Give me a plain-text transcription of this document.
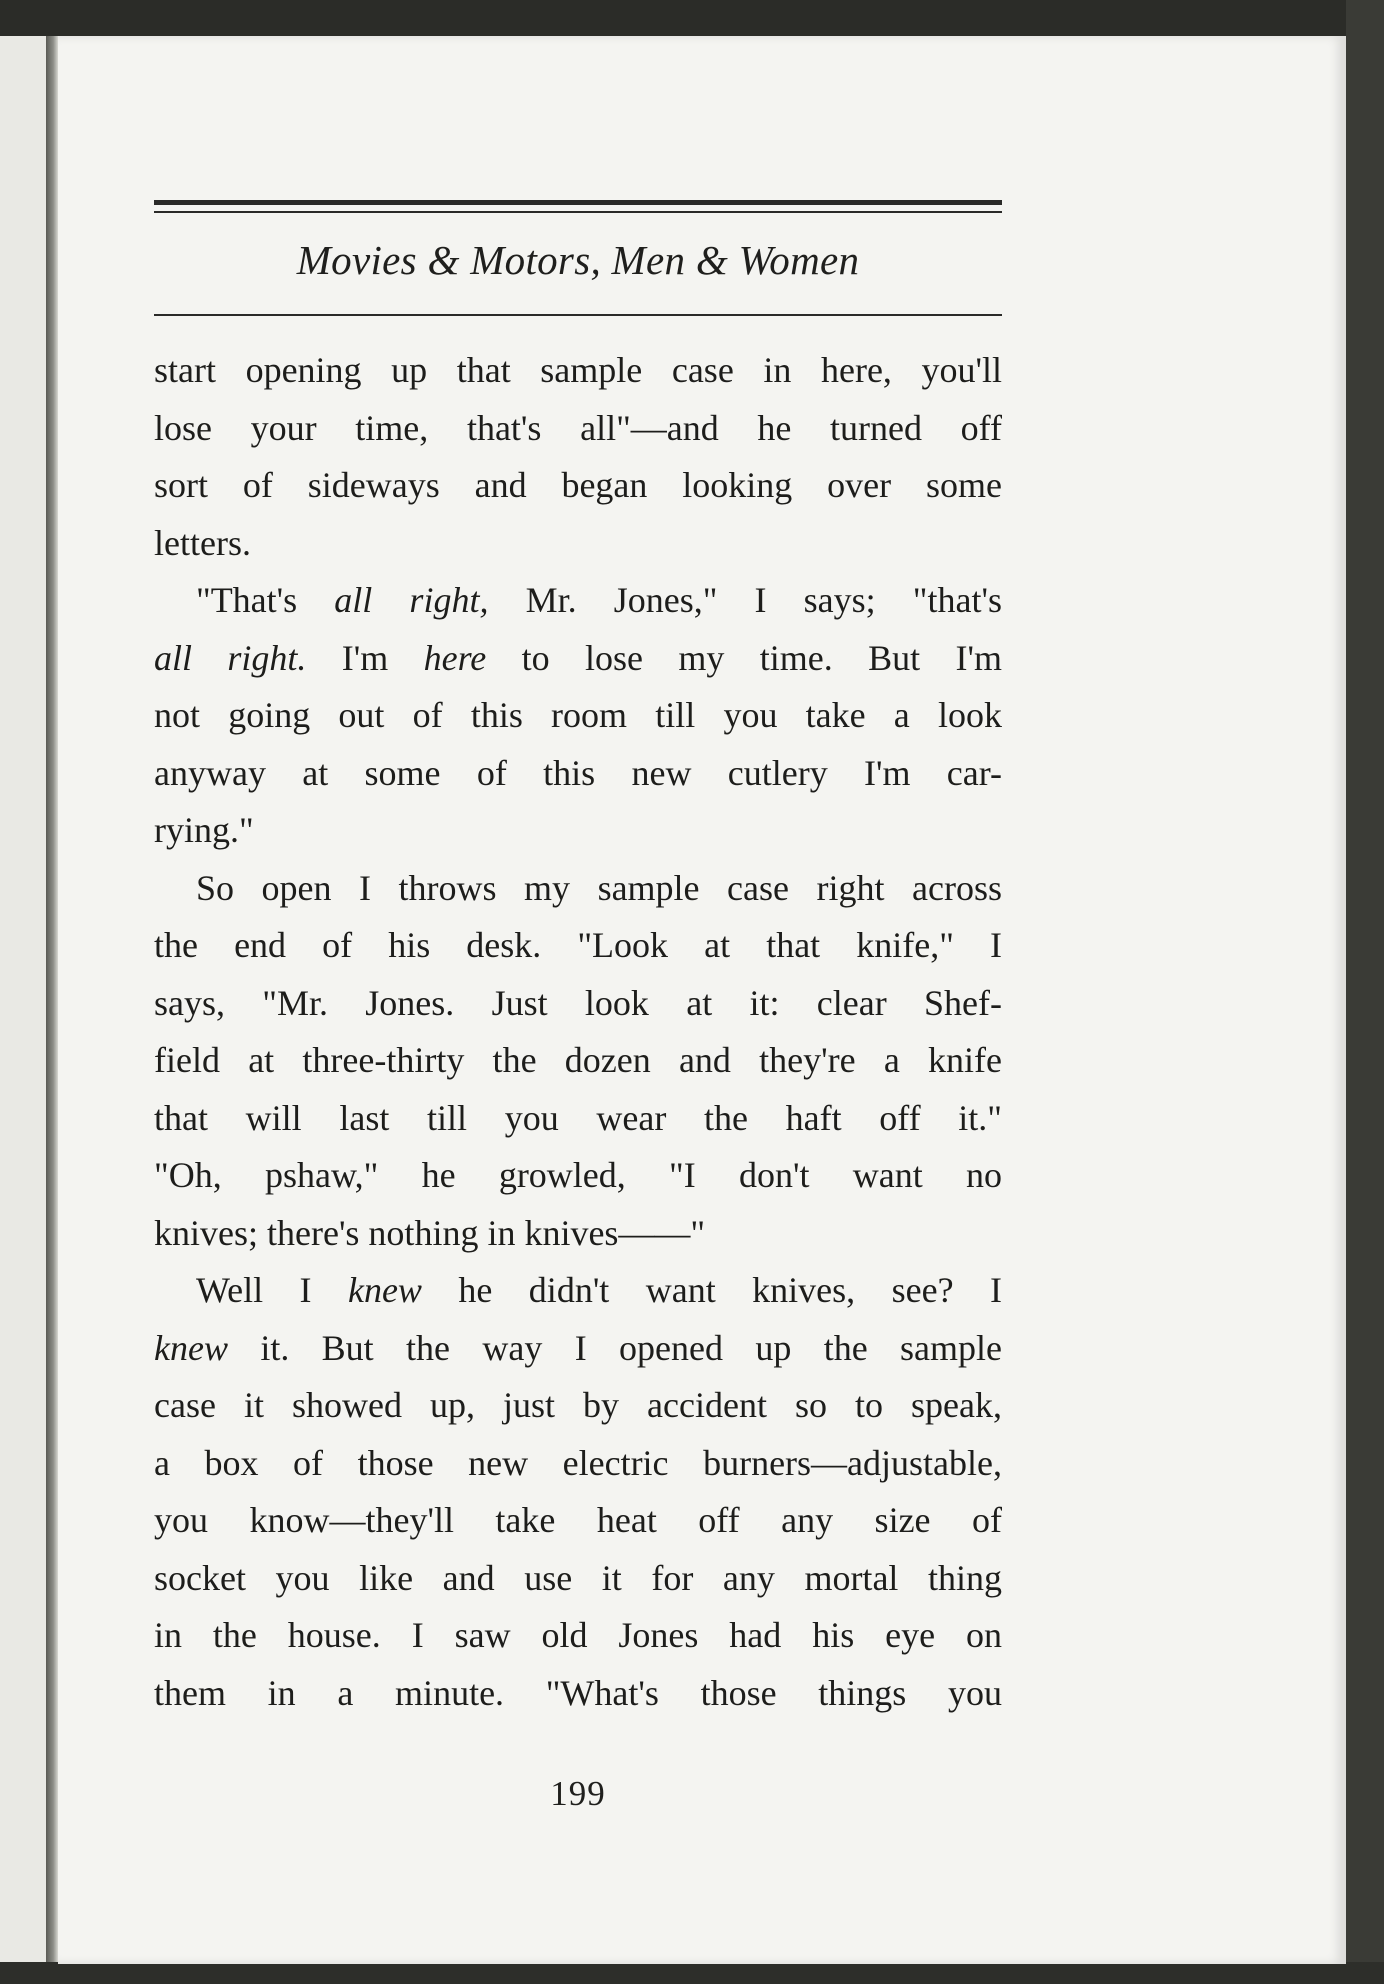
Movies & Motors, Men & Women
start opening up that sample case in here, you'll
lose your time, that's all"—and he turned off
sort of sideways and began looking over some
letters.
"That's all right, Mr. Jones," I says; "that's
all right. I'm here to lose my time. But I'm
not going out of this room till you take a look
anyway at some of this new cutlery I'm car-
rying."
So open I throws my sample case right across
the end of his desk. "Look at that knife," I
says, "Mr. Jones. Just look at it: clear Shef-
field at three-thirty the dozen and they're a knife
that will last till you wear the haft off it."
"Oh, pshaw," he growled, "I don't want no
knives; there's nothing in knives——"
Well I knew he didn't want knives, see? I
knew it. But the way I opened up the sample
case it showed up, just by accident so to speak,
a box of those new electric burners—adjustable,
you know—they'll take heat off any size of
socket you like and use it for any mortal thing
in the house. I saw old Jones had his eye on
them in a minute. "What's those things you
199
